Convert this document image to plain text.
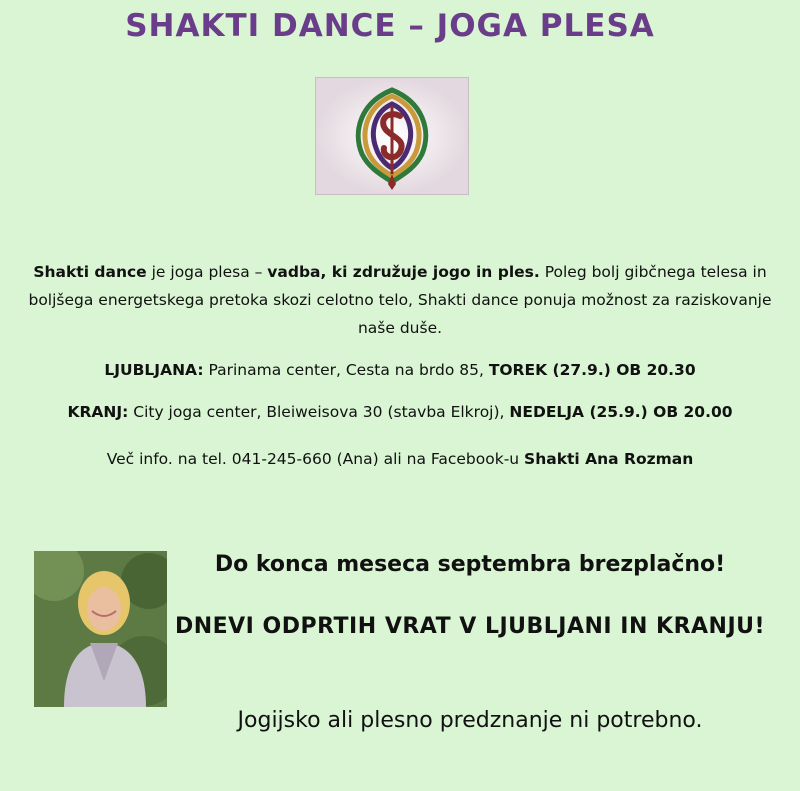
SHAKTI DANCE – JOGA PLESA
Shakti dance je joga plesa – vadba, ki združuje jogo in ples. Poleg bolj gibčnega telesa in boljšega energetskega pretoka skozi celotno telo, Shakti dance ponuja možnost za raziskovanje naše duše.
LJUBLJANA: Parinama center, Cesta na brdo 85, TOREK (27.9.) OB 20.30
KRANJ: City joga center, Bleiweisova 30 (stavba Elkroj), NEDELJA (25.9.) OB 20.00
Več info. na tel. 041-245-660 (Ana) ali na Facebook-u Shakti Ana Rozman
Do konca meseca septembra brezplačno!
DNEVI ODPRTIH VRAT V LJUBLJANI IN KRANJU!
Jogijsko ali plesno predznanje ni potrebno.
